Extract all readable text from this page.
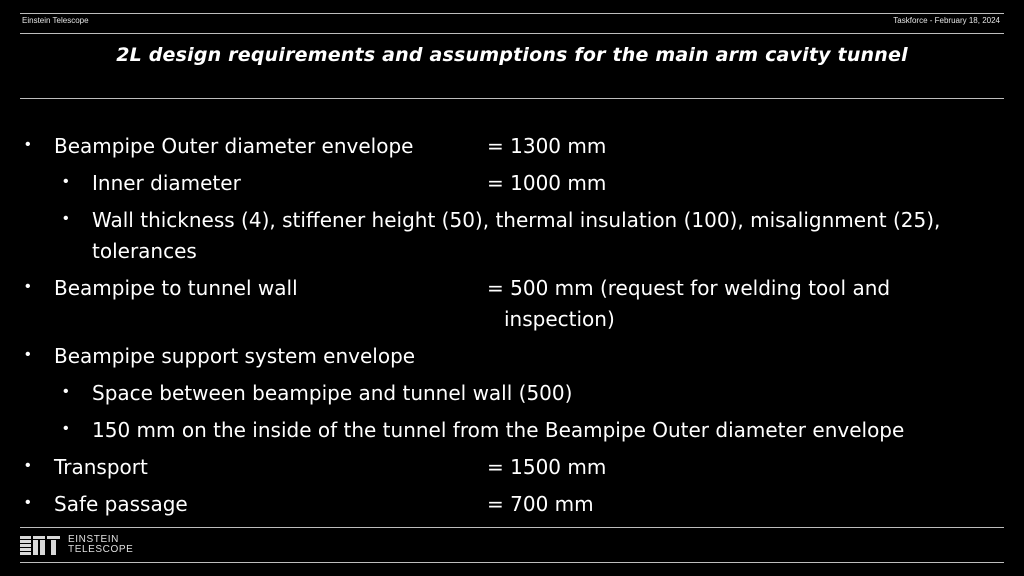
Einstein Telescope	Taskforce - February 18, 2024
2L design requirements and assumptions for the main arm cavity tunnel
• Beampipe Outer diameter envelope	= 1300 mm
• Inner diameter	= 1000 mm
• Wall thickness (4), stiffener height (50), thermal insulation (100), misalignment (25),
tolerances
• Beampipe to tunnel wall	= 500 mm (request for welding tool and
inspection)
• Beampipe support system envelope
• Space between beampipe and tunnel wall (500)
• 150 mm on the inside of the tunnel from the Beampipe Outer diameter envelope
• Transport	= 1500 mm
• Safe passage	= 700 mm
EINSTEIN
TELESCOPE
